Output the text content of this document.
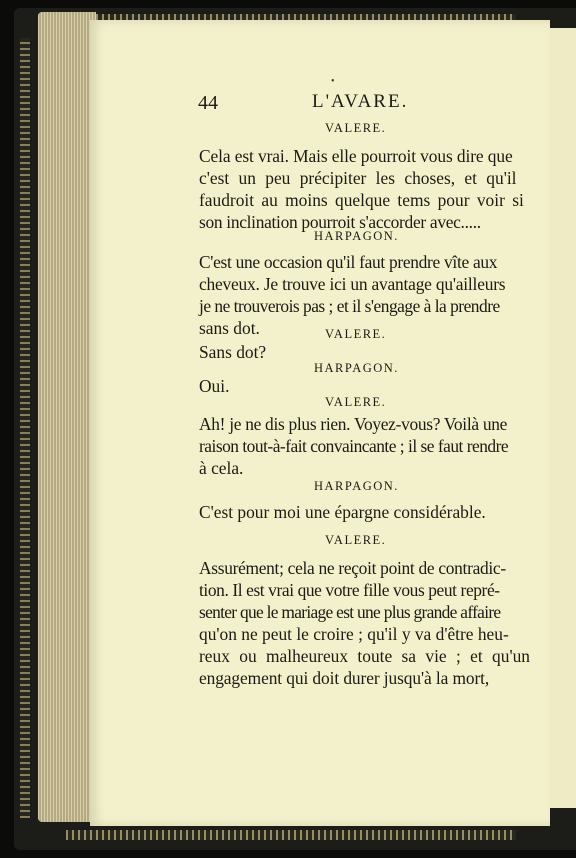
•
44	L'AVARE.
VALERE.
Cela est vrai. Mais elle pourroit vous dire que
c'est un peu précipiter les choses, et qu'il
faudroit au moins quelque tems pour voir si
son inclination pourroit s'accorder avec.....
HARPAGON.
C'est une occasion qu'il faut prendre vîte aux
cheveux. Je trouve ici un avantage qu'ailleurs
je ne trouverois pas ; et il s'engage à la prendre
sans dot.	VALERE.
Sans dot?
HARPAGON.
Oui.
VALERE.
Ah! je ne dis plus rien. Voyez-vous? Voilà une
raison tout-à-fait convaincante ; il se faut rendre
à cela.
HARPAGON.
C'est pour moi une épargne considérable.
VALERE.
Assurément; cela ne reçoit point de contradic-
tion. Il est vrai que votre fille vous peut repré-
senter que le mariage est une plus grande affaire
qu'on ne peut le croire ; qu'il y va d'être heu-
reux ou malheureux toute sa vie ; et qu'un
engagement qui doit durer jusqu'à la mort,
